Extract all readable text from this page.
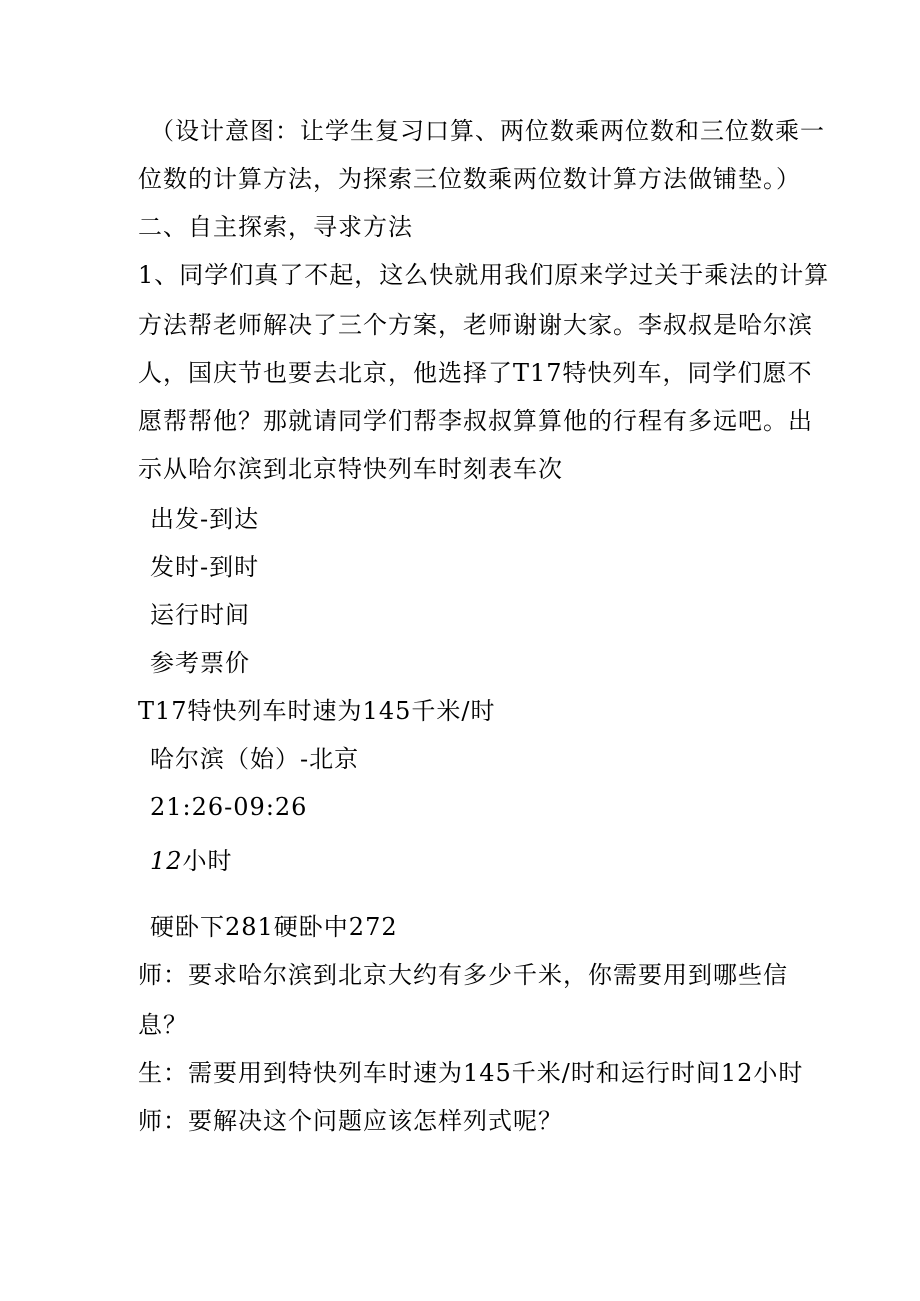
（设计意图：让学生复习口算、两位数乘两位数和三位数乘一
位数的计算方法，为探索三位数乘两位数计算方法做铺垫。）
二、自主探索，寻求方法
1、同学们真了不起，这么快就用我们原来学过关于乘法的计算
方法帮老师解决了三个方案，老师谢谢大家。李叔叔是哈尔滨
人，国庆节也要去北京，他选择了T17特快列车，同学们愿不
愿帮帮他？那就请同学们帮李叔叔算算他的行程有多远吧。出
示从哈尔滨到北京特快列车时刻表车次
出发-到达
发时-到时
运行时间
参考票价
T17特快列车时速为145千米/时
哈尔滨（始）-北京
21:26-09:26
12小时
硬卧下281硬卧中272
师：要求哈尔滨到北京大约有多少千米，你需要用到哪些信
息？
生：需要用到特快列车时速为145千米/时和运行时间12小时
师：要解决这个问题应该怎样列式呢？
